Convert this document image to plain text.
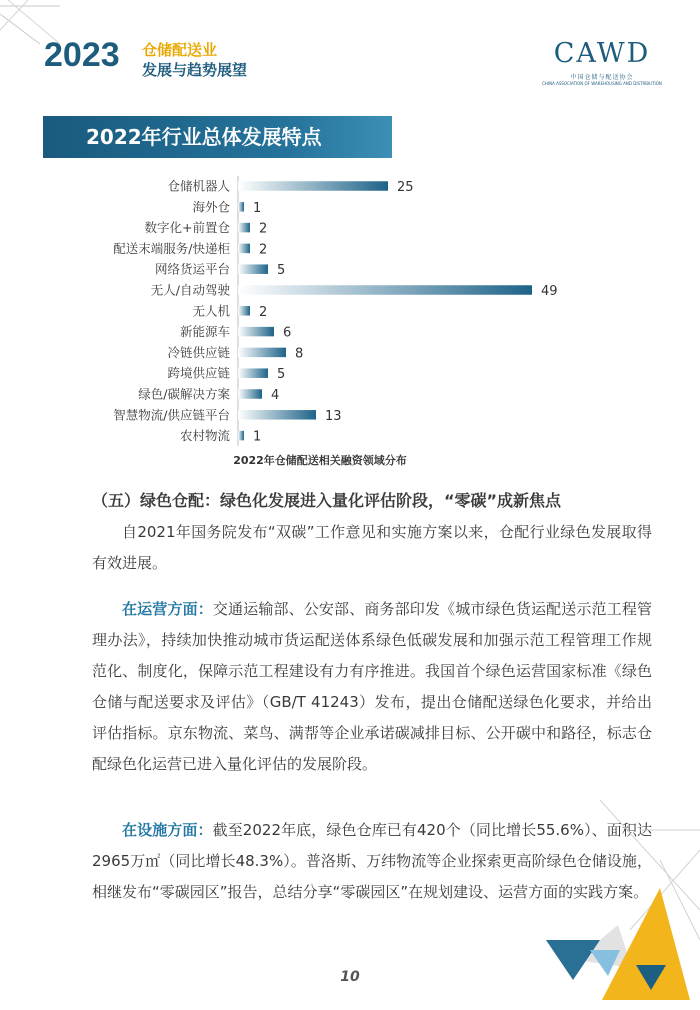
2023 仓储配送业
发展与趋势展望
CAWD
中国仓储与配送协会
CHINA ASSOCIATION OF WAREHOUSING AND DISTRIBUTION
2022年行业总体发展特点
仓储机器人	25
海外仓 1
数字化+前置仓 2
配送末端服务/快递柜 2
网络货运平台	5
无人/自动驾驶	49
无人机 2
新能源车	6
冷链供应链	8
跨境供应链	5
绿色/碳解决方案	4
智慧物流/供应链平台	13
农村物流 1
2022年仓储配送相关融资领域分布
（五）绿色仓配：绿色化发展进入量化评估阶段，“零碳”成新焦点

自2021年国务院发布“双碳”工作意见和实施方案以来，仓配行业绿色发展取得有效进展。

在运营方面：交通运输部、公安部、商务部印发《城市绿色货运配送示范工程管理办法》，持续加快推动城市货运配送体系绿色低碳发展和加强示范工程管理工作规范化、制度化，保障示范工程建设有力有序推进。我国首个绿色运营国家标准《绿色仓储与配送要求及评估》（GB/T 41243）发布，提出仓储配送绿色化要求，并给出评估指标。京东物流、菜鸟、满帮等企业承诺碳减排目标、公开碳中和路径，标志仓配绿色化运营已进入量化评估的发展阶段。

在设施方面：截至2022年底，绿色仓库已有420个（同比增长55.6%）、面积达2965万㎡（同比增长48.3%）。普洛斯、万纬物流等企业探索更高阶绿色仓储设施，相继发布“零碳园区”报告，总结分享“零碳园区”在规划建设、运营方面的实践方案。

10
